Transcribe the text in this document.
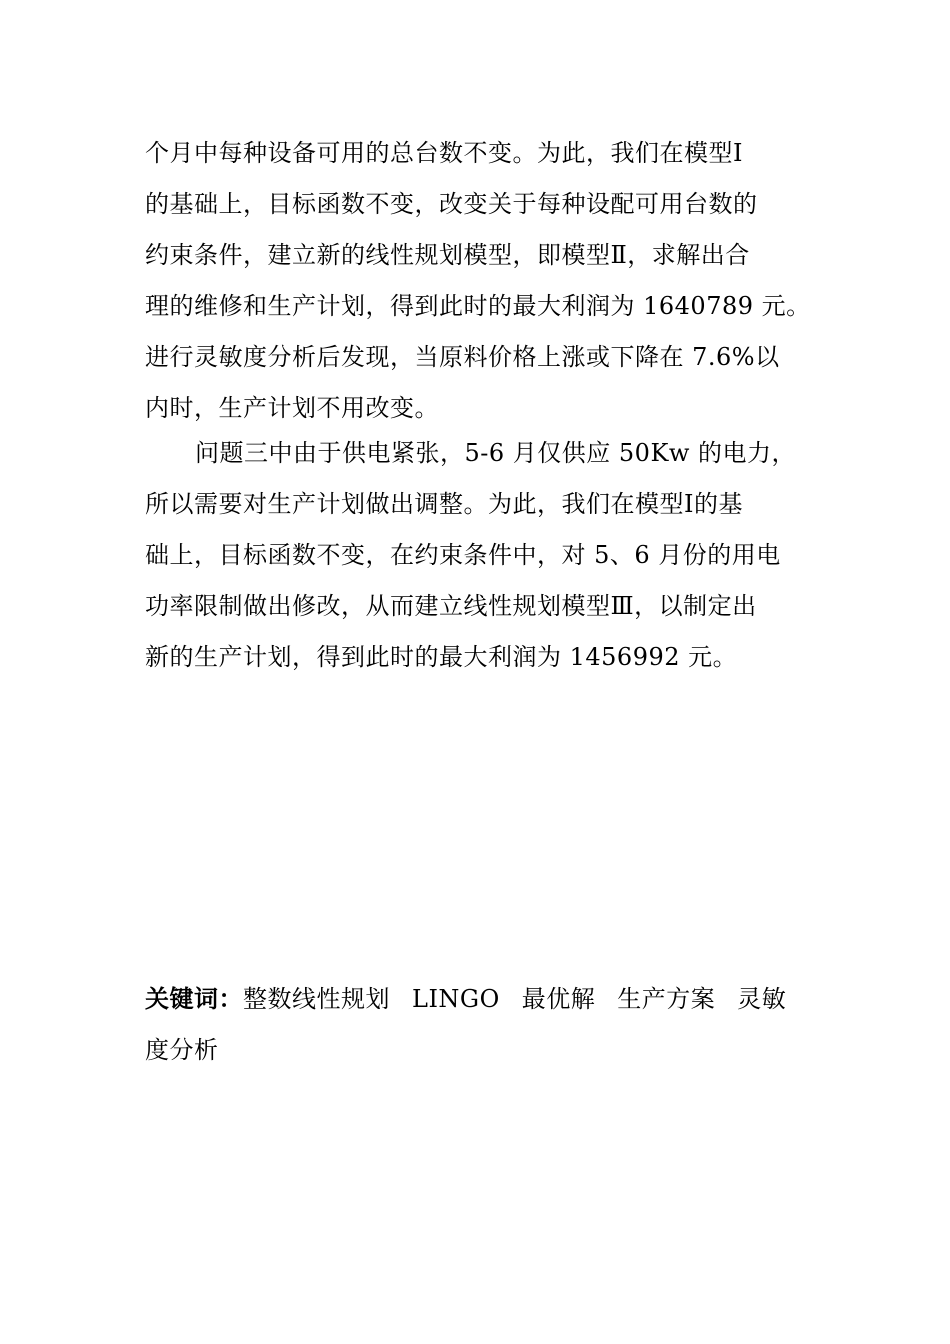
个月中每种设备可用的总台数不变。为此，我们在模型Ⅰ
的基础上，目标函数不变，改变关于每种设配可用台数的
约束条件，建立新的线性规划模型，即模型Ⅱ，求解出合
理的维修和生产计划，得到此时的最大利润为 1640789 元。
进行灵敏度分析后发现，当原料价格上涨或下降在 7.6%以
内时，生产计划不用改变。
问题三中由于供电紧张，5-6 月仅供应 50Kw 的电力，
所以需要对生产计划做出调整。为此，我们在模型Ⅰ的基
础上，目标函数不变，在约束条件中，对 5、6 月份的用电
功率限制做出修改，从而建立线性规划模型Ⅲ，以制定出
新的生产计划，得到此时的最大利润为 1456992 元。
关键词：整数线性规划 LINGO 最优解 生产方案 灵敏
度分析
